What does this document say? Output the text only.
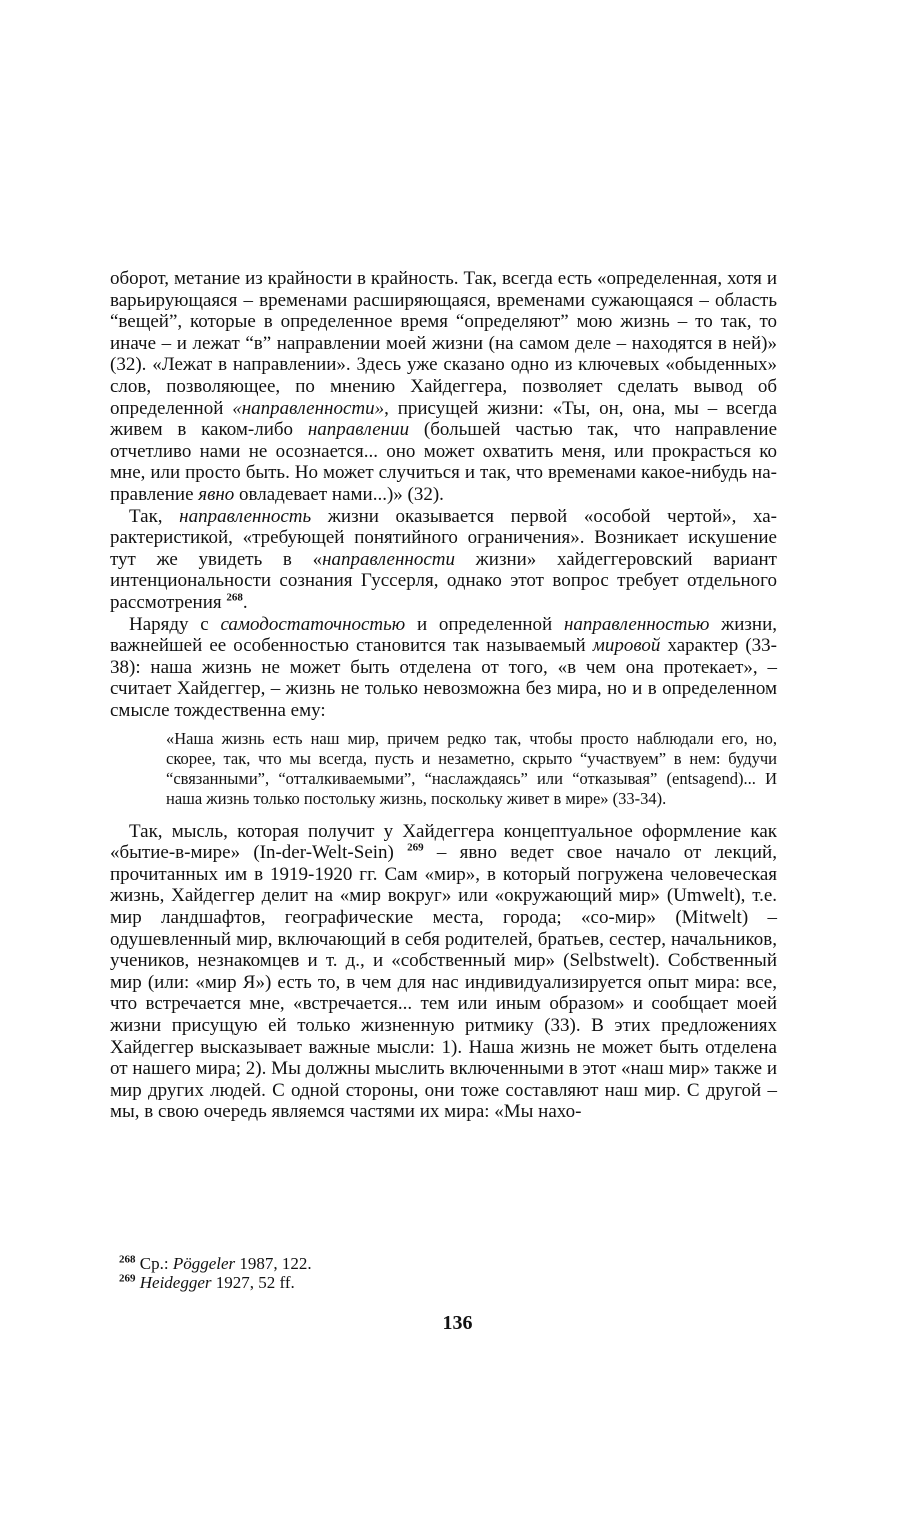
оборот, метание из крайности в крайность. Так, всегда есть «определенная, хотя и варьирующаяся – временами расширяющаяся, временами сужающаяся – область “вещей”, которые в определенное время “определяют” мою жизнь – то так, то иначе – и лежат “в” направлении моей жизни (на самом деле – находятся в ней)» (32). «Лежат в направлении». Здесь уже сказано одно из ключевых «обыденных» слов, позволяющее, по мнению Хайдеггера, позволяет сделать вывод об определенной «направленности», присущей жизни: «Ты, он, она, мы – всегда живем в каком-либо направлении (большей частью так, что направление отчетливо нами не осознается... оно может охватить меня, или прокрасться ко мне, или просто быть. Но может случиться и так, что временами какое-нибудь направление явно овладевает нами...)» (32).

Так, направленность жизни оказывается первой «особой чертой», характеристикой, «требующей понятийного ограничения». Возникает искушение тут же увидеть в «направленности жизни» хайдеггеровский вариант интенциональности сознания Гуссерля, однако этот вопрос требует отдельного рассмотрения $^{268}$.

Наряду с самодостаточностью и определенной направленностью жизни, важнейшей ее особенностью становится так называемый мировой характер (33-38): наша жизнь не может быть отделена от того, «в чем она протекает», – считает Хайдеггер, – жизнь не только невозможна без мира, но и в определенном смысле тождественна ему:

«Наша жизнь есть наш мир, причем редко так, чтобы просто наблюдали его, но, скорее, так, что мы всегда, пусть и незаметно, скрыто “участвуем” в нем: будучи “связанными”, “отталкиваемыми”, “наслаждаясь” или “отказывая” (entsagend)... И наша жизнь только постольку жизнь, поскольку живет в мире» (33-34).

Так, мысль, которая получит у Хайдеггера концептуальное оформление как «бытие-в-мире» (In-der-Welt-Sein) $^{269}$ – явно ведет свое начало от лекций, прочитанных им в 1919-1920 гг. Сам «мир», в который погружена человеческая жизнь, Хайдеггер делит на «мир вокруг» или «окружающий мир» (Umwelt), т.е. мир ландшафтов, географические места, города; «со-мир» (Mitwelt) – одушевленный мир, включающий в себя родителей, братьев, сестер, начальников, учеников, незнакомцев и т. д., и «собственный мир» (Selbstwelt). Собственный мир (или: «мир Я») есть то, в чем для нас индивидуализируется опыт мира: все, что встречается мне, «встречается... тем или иным образом» и сообщает моей жизни присущую ей только жизненную ритмику (33). В этих предложениях Хайдеггер высказывает важные мысли: 1). Наша жизнь не может быть отделена от нашего мира; 2). Мы должны мыслить включенными в этот «наш мир» также и мир других людей. С одной стороны, они тоже составляют наш мир. С другой – мы, в свою очередь являемся частями их мира: «Мы нахо-

$^{268}$ Ср.: Pöggeler 1987, 122.

$^{269}$ Heidegger 1927, 52 ff.

136
